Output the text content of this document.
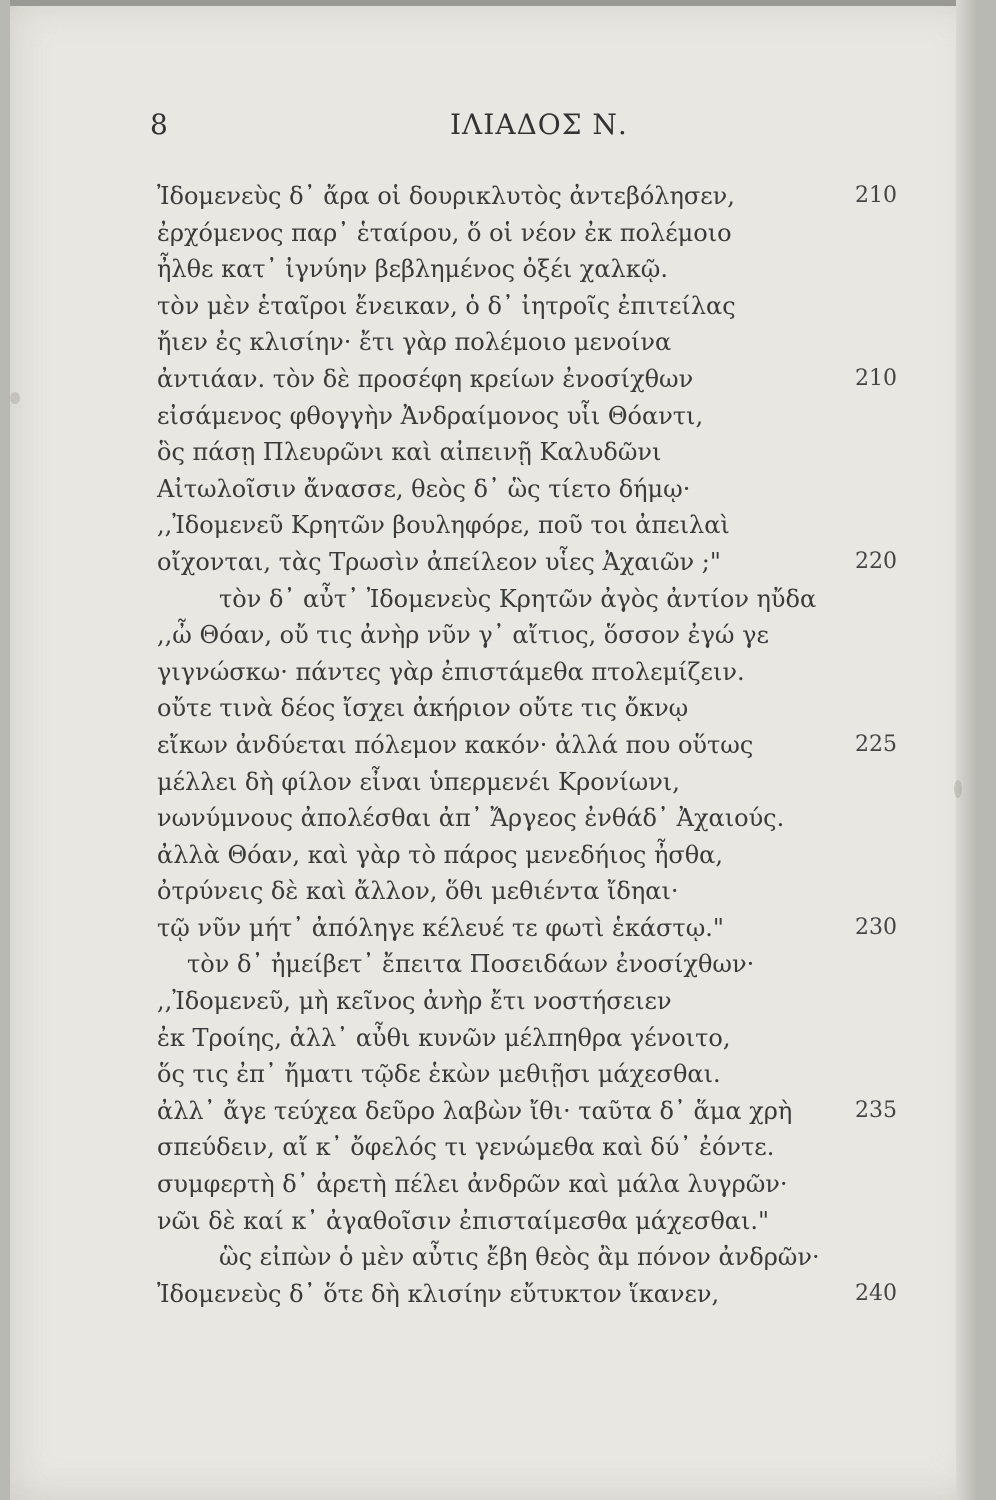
8	ΙΛΙΑΔΟΣ Ν.
Ἰδομενεὺς δ᾽ ἄρα οἱ δουρικλυτὸς ἀντεβόλησεν,	210
ἐρχόμενος παρ᾽ ἑταίρου, ὅ οἱ νέον ἐκ πολέμοιο
ἦλθε κατ᾽ ἰγνύην βεβλημένος ὀξέι χαλκῷ.
τὸν μὲν ἑταῖροι ἔνεικαν, ὁ δ᾽ ἰητροῖς ἐπιτείλας
ἤιεν ἐς κλισίην· ἔτι γὰρ πολέμοιο μενοίνα
ἀντιάαν. τὸν δὲ προσέφη κρείων ἐνοσίχθων	210
εἰσάμενος φθογγὴν Ἀνδραίμονος υἷι Θόαντι,
ὃς πάσῃ Πλευρῶνι καὶ αἰπεινῇ Καλυδῶνι
Αἰτωλοῖσιν ἄνασσε, θεὸς δ᾽ ὣς τίετο δήμῳ·
,,Ἰδομενεῦ Κρητῶν βουληφόρε, ποῦ τοι ἀπειλαὶ
οἴχονται, τὰς Τρωσὶν ἀπείλεον υἷες Ἀχαιῶν ;"	220
τὸν δ᾽ αὖτ᾽ Ἰδομενεὺς Κρητῶν ἀγὸς ἀντίον ηὔδα
,,ὦ Θόαν, οὔ τις ἀνὴρ νῦν γ᾽ αἴτιος, ὅσσον ἐγώ γε
γιγνώσκω· πάντες γὰρ ἐπιστάμεθα πτολεμίζειν.
οὔτε τινὰ δέος ἴσχει ἀκήριον οὔτε τις ὄκνῳ
εἴκων ἀνδύεται πόλεμον κακόν· ἀλλά που οὕτως	225
μέλλει δὴ φίλον εἶναι ὑπερμενέι Κρονίωνι,
νωνύμνους ἀπολέσθαι ἀπ᾽ Ἄργεος ἐνθάδ᾽ Ἀχαιούς.
ἀλλὰ Θόαν, καὶ γὰρ τὸ πάρος μενεδήιος ἦσθα,
ὀτρύνεις δὲ καὶ ἄλλον, ὅθι μεθιέντα ἴδηαι·
τῷ νῦν μήτ᾽ ἀπόληγε κέλευέ τε φωτὶ ἑκάστῳ."	230
τὸν δ᾽ ἠμείβετ᾽ ἔπειτα Ποσειδάων ἐνοσίχθων·
,,Ἰδομενεῦ, μὴ κεῖνος ἀνὴρ ἔτι νοστήσειεν
ἐκ Τροίης, ἀλλ᾽ αὖθι κυνῶν μέλπηθρα γένοιτο,
ὅς τις ἐπ᾽ ἤματι τῷδε ἑκὼν μεθιῇσι μάχεσθαι.
ἀλλ᾽ ἄγε τεύχεα δεῦρο λαβὼν ἴθι· ταῦτα δ᾽ ἅμα χρὴ	235
σπεύδειν, αἴ κ᾽ ὄφελός τι γενώμεθα καὶ δύ᾽ ἐόντε.
συμφερτὴ δ᾽ ἀρετὴ πέλει ἀνδρῶν καὶ μάλα λυγρῶν·
νῶι δὲ καί κ᾽ ἀγαθοῖσιν ἐπισταίμεσθα μάχεσθαι."
ὣς εἰπὼν ὁ μὲν αὖτις ἔβη θεὸς ἂμ πόνον ἀνδρῶν·
Ἰδομενεὺς δ᾽ ὅτε δὴ κλισίην εὔτυκτον ἵκανεν,	240
